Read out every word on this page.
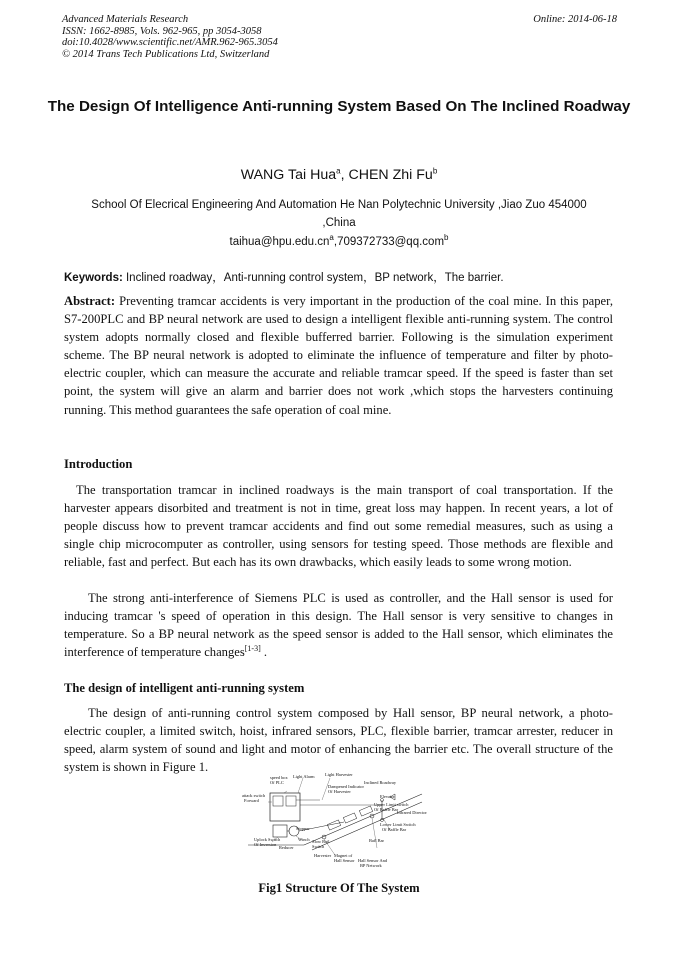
Advanced Materials Research
ISSN: 1662-8985, Vols. 962-965, pp 3054-3058
doi:10.4028/www.scientific.net/AMR.962-965.3054
© 2014 Trans Tech Publications Ltd, Switzerland
Online: 2014-06-18
The Design Of Intelligence Anti-running System Based On The Inclined Roadway
WANG Tai Hua$^a$, CHEN Zhi Fu$^b$
School Of Elecrical Engineering And Automation He Nan Polytechnic University ,Jiao Zuo 454000 ,China
$taihua@hpu.edu.cn^a,709372733@qq.com^b$
Keywords: Inclined roadway，Anti-running control system，BP network，The barrier.
Abstract: Preventing tramcar accidents is very important in the production of the coal mine. In this paper, S7-200PLC and BP neural network are used to design a intelligent flexible anti-running system. The control system adopts normally closed and flexible bufferred barrier. Following is the simulation experiment scheme. The BP neural network is adopted to eliminate the influence of temperature and filter by photo-electric coupler, which can measure the accurate and reliable tramcar speed. If the speed is faster than set point, the system will give an alarm and barrier does not work ,which stops the harvesters continuing running. This method guarantees the safe operation of coal mine.
Introduction
The transportation tramcar in inclined roadways is the main transport of coal transportation. If the harvester appears disorbited and treatment is not in time, great loss may happen. In recent years, a lot of people discuss how to prevent tramcar accidents and find out some remedial measures, such as using a single chip microcomputer as controller, using sensors for testing speed. Those methods are flexible and reliable, fast and perfect. But each has its own drawbacks, which easily leads to some wrong motion.
The strong anti-interference of Siemens PLC is used as controller, and the Hall sensor is used for inducing tramcar 's speed of operation in this design. The Hall sensor is very sensitive to changes in temperature. So a BP neural network as the speed sensor is added to the Hall sensor, which eliminates the interference of temperature changes[1-3] .
The design of intelligent anti-running system
The design of anti-running control system composed by Hall sensor, BP neural network, a photo-electric coupler, a limited switch, hoist, infrared sensors, PLC, flexible barrier, tramcar arrester, reducer in speed, alarm system of sound and light and motor of enhancing the barrier etc. The overall structure of the system is shown in Figure 1.
speed box
Of PLC
Light Alarm Light Harvester
Inclined Roadway
Dampened Indicator
Of Harvester
attack switch
Forward
Elevator
Upper Limit switch
Of Baffle Bar
Infrared Director
Lower Limit Switch
Of Baffle Bar
Uplock Switch
Of Inversion
Reducer
Winch
Stopper
Slow Rail
Switch
Harvester
Bafl Bar
Magnet of
Hall Sensor Hall Sensor And
BP Network
Fig1 Structure Of The System
